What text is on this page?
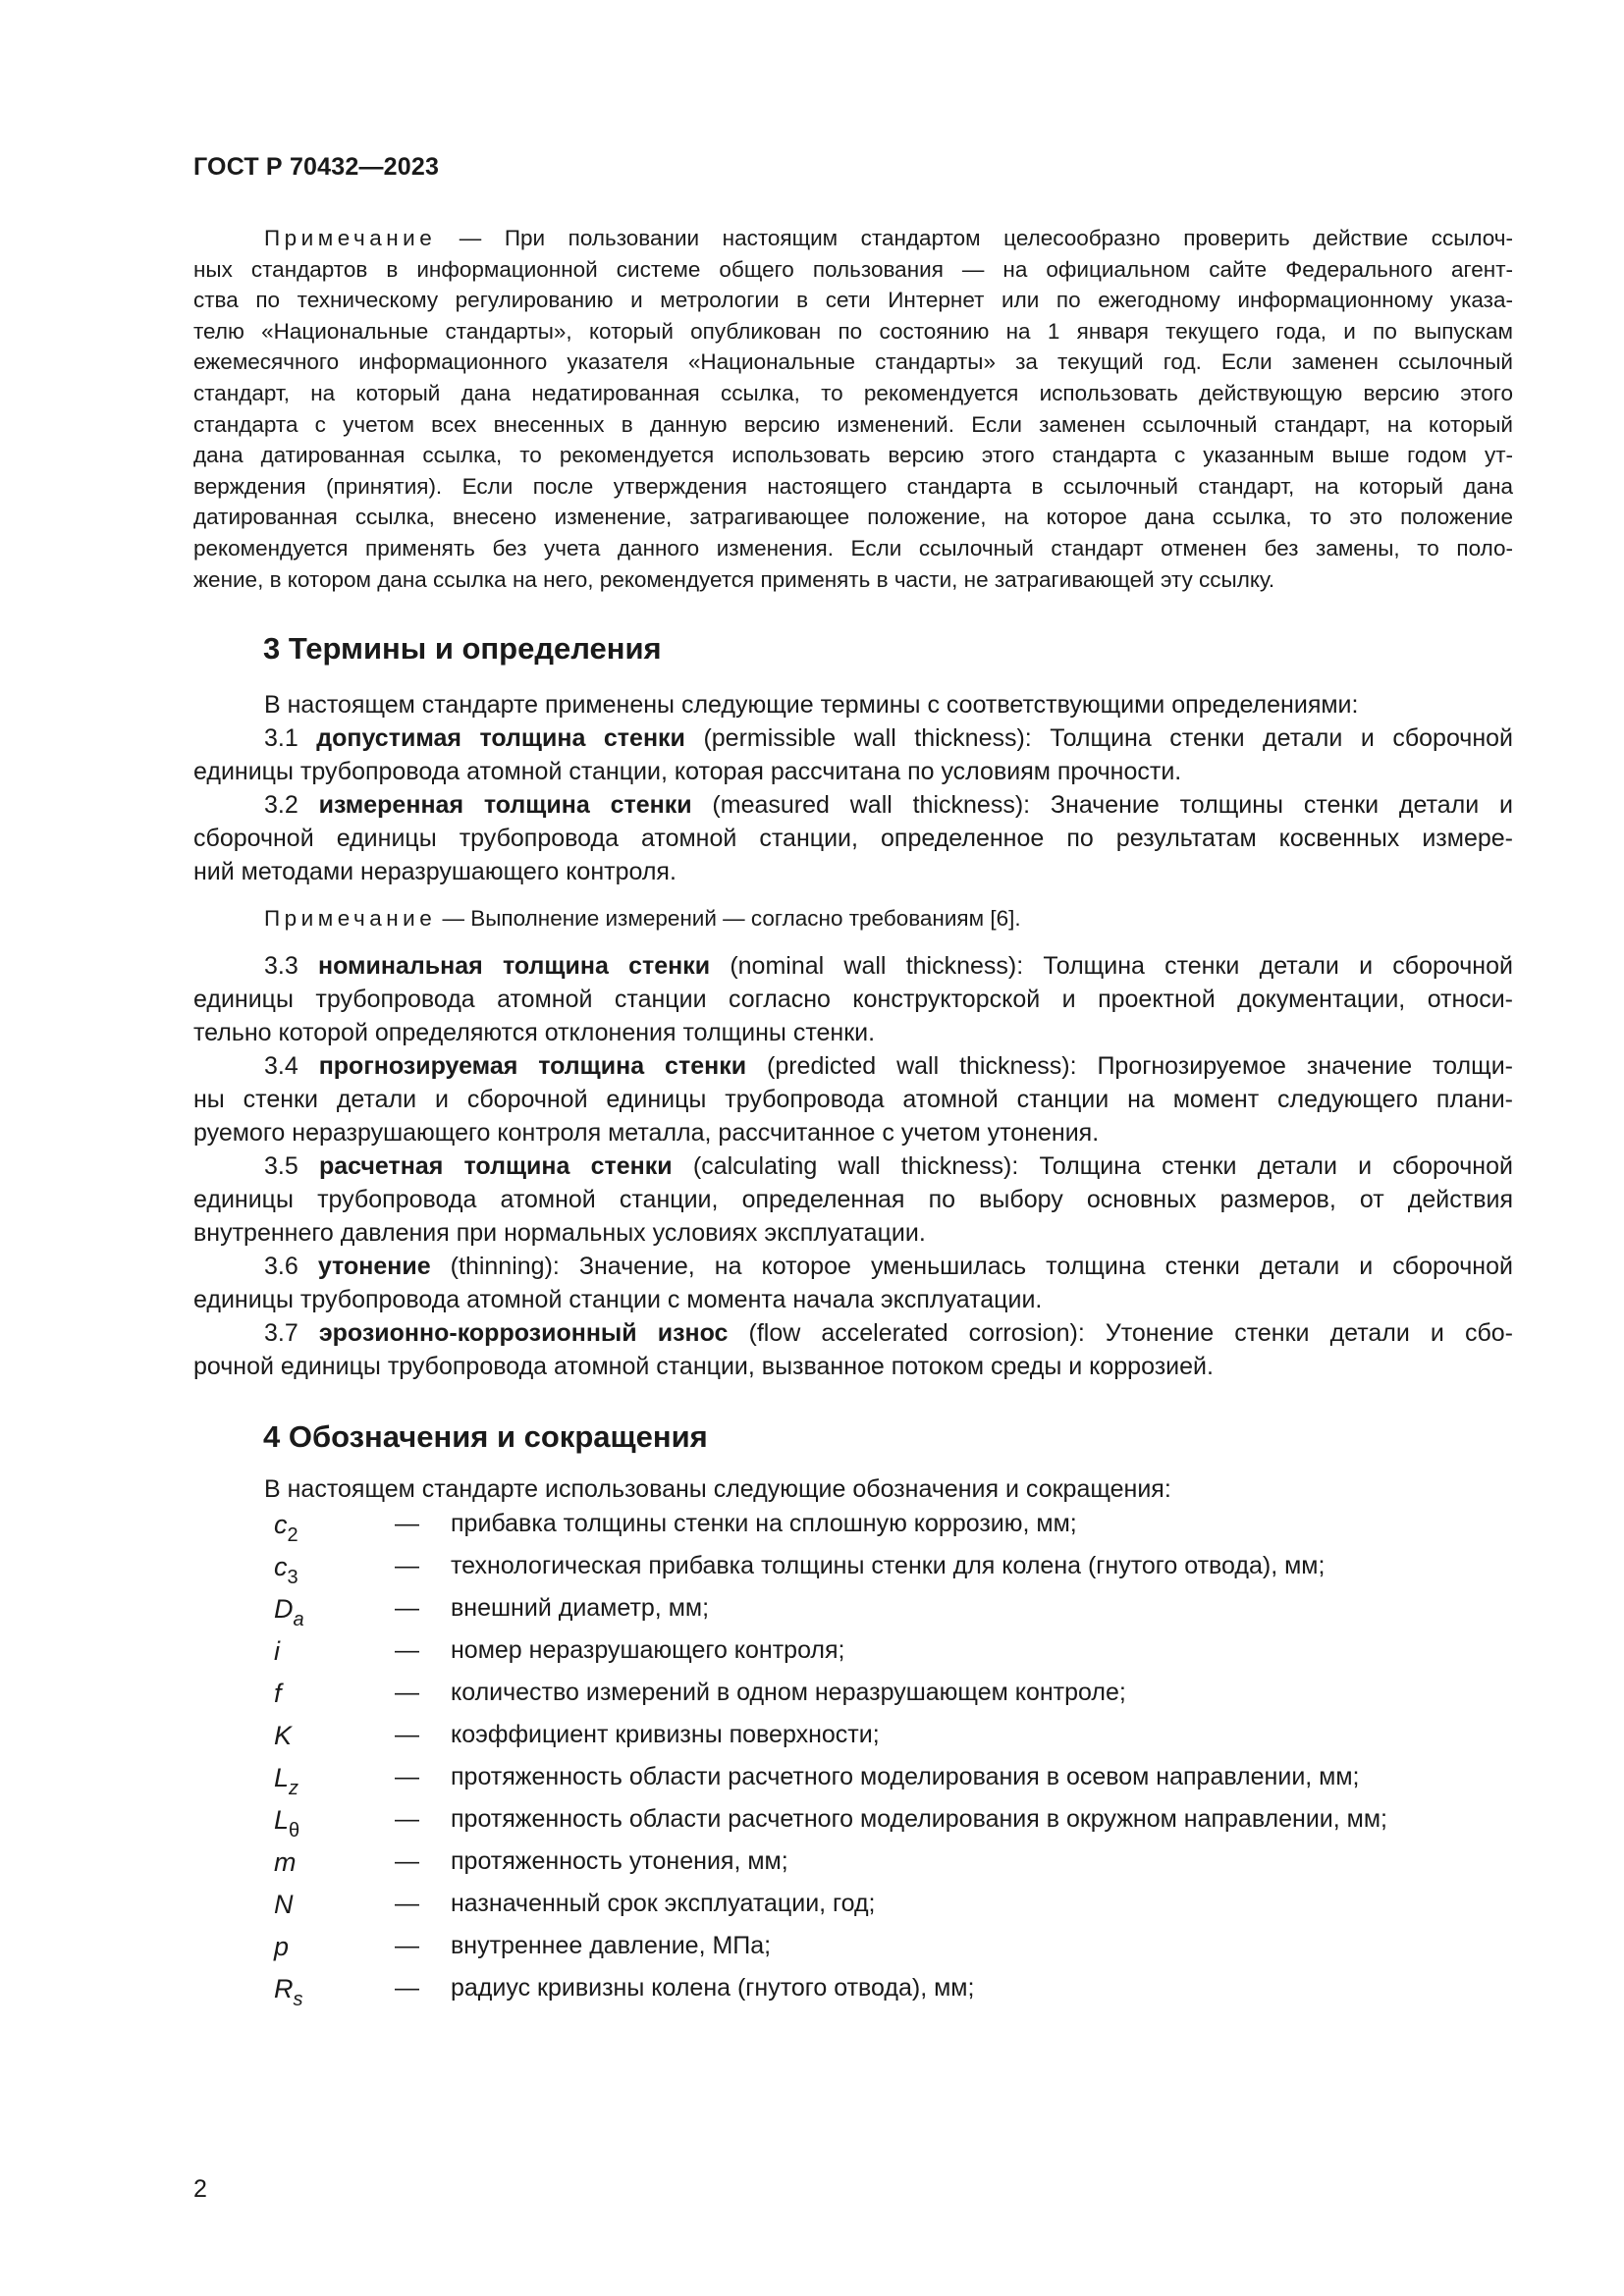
ГОСТ Р 70432—2023
Примечание — При пользовании настоящим стандартом целесообразно проверить действие ссылоч-
ных стандартов в информационной системе общего пользования — на официальном сайте Федерального агент-
ства по техническому регулированию и метрологии в сети Интернет или по ежегодному информационному указа-
телю «Национальные стандарты», который опубликован по состоянию на 1 января текущего года, и по выпускам
ежемесячного информационного указателя «Национальные стандарты» за текущий год. Если заменен ссылочный
стандарт, на который дана недатированная ссылка, то рекомендуется использовать действующую версию этого
стандарта с учетом всех внесенных в данную версию изменений. Если заменен ссылочный стандарт, на который
дана датированная ссылка, то рекомендуется использовать версию этого стандарта с указанным выше годом ут-
верждения (принятия). Если после утверждения настоящего стандарта в ссылочный стандарт, на который дана
датированная ссылка, внесено изменение, затрагивающее положение, на которое дана ссылка, то это положение
рекомендуется применять без учета данного изменения. Если ссылочный стандарт отменен без замены, то поло-
жение, в котором дана ссылка на него, рекомендуется применять в части, не затрагивающей эту ссылку.
3 Термины и определения
В настоящем стандарте применены следующие термины с соответствующими определениями:
3.1 допустимая толщина стенки (permissible wall thickness): Толщина стенки детали и сборочной
единицы трубопровода атомной станции, которая рассчитана по условиям прочности.
3.2 измеренная толщина стенки (measured wall thickness): Значение толщины стенки детали и
сборочной единицы трубопровода атомной станции, определенное по результатам косвенных измере-
ний методами неразрушающего контроля.
Примечание — Выполнение измерений — согласно требованиям [6].
3.3 номинальная толщина стенки (nominal wall thickness): Толщина стенки детали и сборочной
единицы трубопровода атомной станции согласно конструкторской и проектной документации, относи-
тельно которой определяются отклонения толщины стенки.
3.4 прогнозируемая толщина стенки (predicted wall thickness): Прогнозируемое значение толщи-
ны стенки детали и сборочной единицы трубопровода атомной станции на момент следующего плани-
руемого неразрушающего контроля металла, рассчитанное с учетом утонения.
3.5 расчетная толщина стенки (calculating wall thickness): Толщина стенки детали и сборочной
единицы трубопровода атомной станции, определенная по выбору основных размеров, от действия
внутреннего давления при нормальных условиях эксплуатации.
3.6 утонение (thinning): Значение, на которое уменьшилась толщина стенки детали и сборочной
единицы трубопровода атомной станции с момента начала эксплуатации.
3.7 эрозионно-коррозионный износ (flow accelerated corrosion): Утонение стенки детали и сбо-
рочной единицы трубопровода атомной станции, вызванное потоком среды и коррозией.
4 Обозначения и сокращения
В настоящем стандарте использованы следующие обозначения и сокращения:
$c_2$	— прибавка толщины стенки на сплошную коррозию, мм;
$c_3$	— технологическая прибавка толщины стенки для колена (гнутого отвода), мм;
$D_a$	— внешний диаметр, мм;
i	— номер неразрушающего контроля;
f	— количество измерений в одном неразрушающем контроле;
K	— коэффициент кривизны поверхности;
$L_z$	— протяженность области расчетного моделирования в осевом направлении, мм;
$L_\theta$	— протяженность области расчетного моделирования в окружном направлении, мм;
m	— протяженность утонения, мм;
N	— назначенный срок эксплуатации, год;
p	— внутреннее давление, МПа;
$R_s$	— радиус кривизны колена (гнутого отвода), мм;
2
